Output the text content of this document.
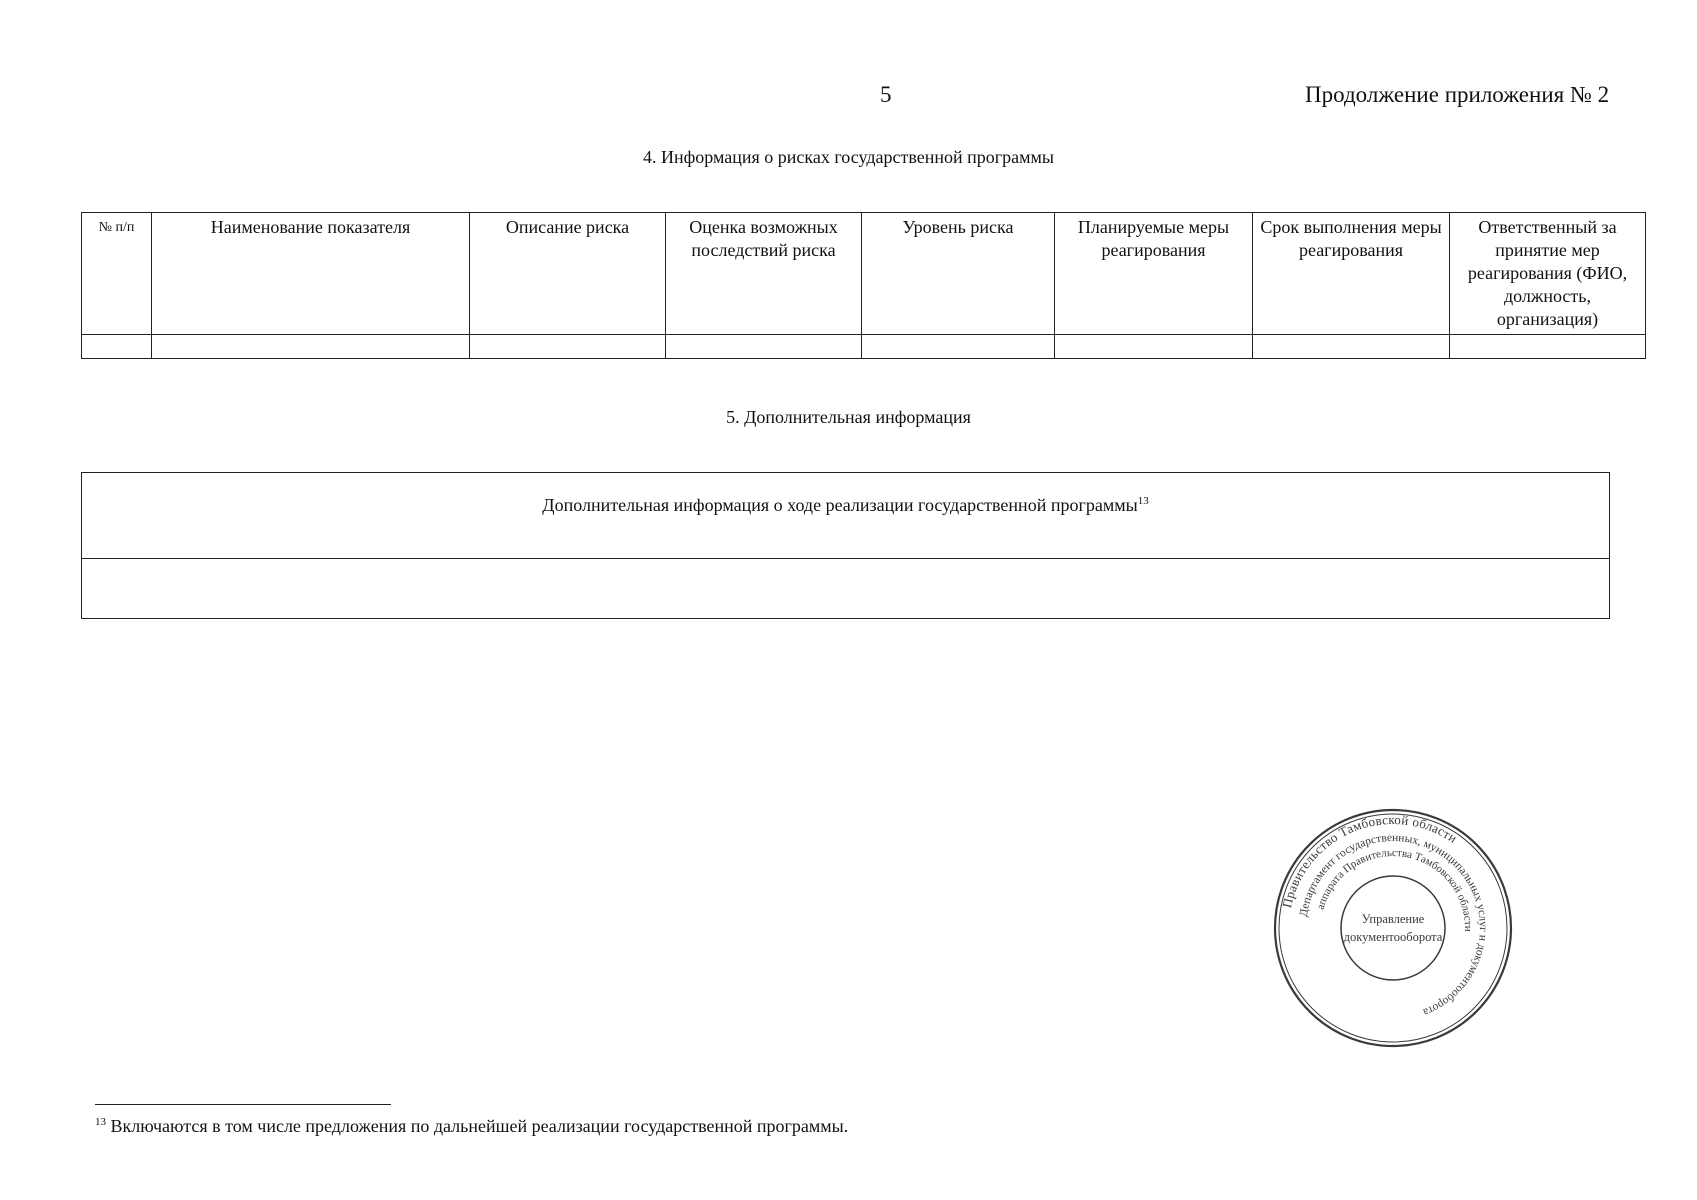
5	Продолжение приложения № 2
4. Информация о рисках государственной программы
№ п/п	Наименование показателя	Описание риска	Оценка возможных последствий риска	Уровень риска	Планируемые меры реагирования	Срок выполнения меры реагирования	Ответственный за принятие мер реагирования (ФИО, должность, организация)

5. Дополнительная информация
Дополнительная информация о ходе реализации государственной программы$^{13}$

Правительство Тамбовской области
Департамент государственных, муниципальных услуг и документооборота
аппарата Правительства Тамбовской области
Управление
документооборота
$^{13}$ Включаются в том числе предложения по дальнейшей реализации государственной программы.
